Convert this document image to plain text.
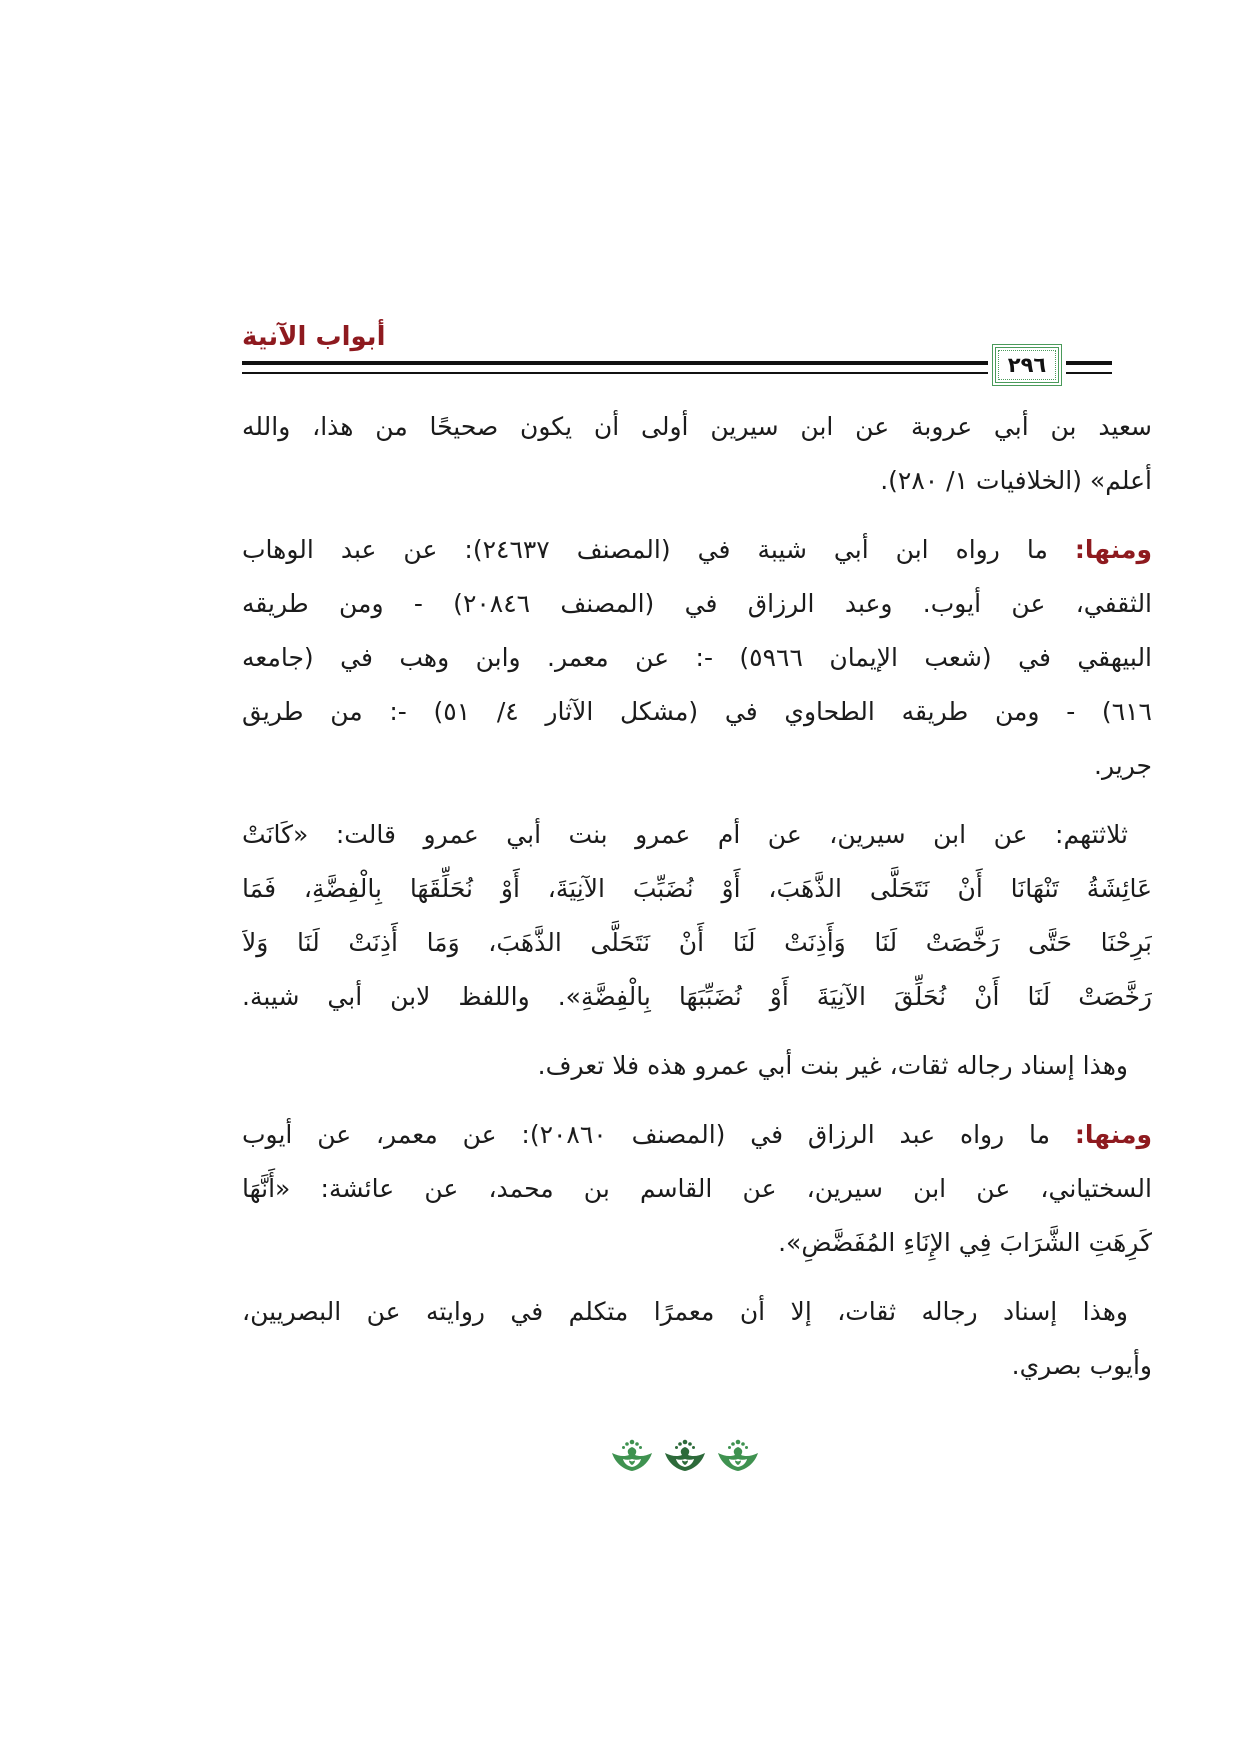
أبواب الآنية
٢٩٦
سعيد بن أبي عروبة عن ابن سيرين أولى أن يكون صحيحًا من هذا، والله
أعلم» (الخلافيات ١/ ٢٨٠).
ومنها: ما رواه ابن أبي شيبة في (المصنف ٢٤٦٣٧): عن عبد الوهاب
الثقفي، عن أيوب. وعبد الرزاق في (المصنف ٢٠٨٤٦) - ومن طريقه
البيهقي في (شعب الإيمان ٥٩٦٦) -: عن معمر. وابن وهب في (جامعه
٦١٦) - ومن طريقه الطحاوي في (مشكل الآثار ٤/ ٥١) -: من طريق
جرير.
ثلاثتهم: عن ابن سيرين، عن أم عمرو بنت أبي عمرو قالت: «كَانَتْ
عَائِشَةُ تَنْهَانَا أَنْ نَتَحَلَّى الذَّهَبَ، أَوْ نُضَبِّبَ الآنِيَةَ، أَوْ نُحَلِّقَهَا بِالْفِضَّةِ، فَمَا
بَرِحْنَا حَتَّى رَخَّصَتْ لَنَا وَأَذِنَتْ لَنَا أَنْ نَتَحَلَّى الذَّهَبَ، وَمَا أَذِنَتْ لَنَا وَلاَ
رَخَّصَتْ لَنَا أَنْ نُحَلِّقَ الآنِيَةَ أَوْ نُضَبِّبَهَا بِالْفِضَّةِ». واللفظ لابن أبي شيبة.
وهذا إسناد رجاله ثقات، غير بنت أبي عمرو هذه فلا تعرف.
ومنها: ما رواه عبد الرزاق في (المصنف ٢٠٨٦٠): عن معمر، عن أيوب
السختياني، عن ابن سيرين، عن القاسم بن محمد، عن عائشة: «أَنَّهَا
كَرِهَتِ الشَّرَابَ فِي الإِنَاءِ المُفَضَّضِ».
وهذا إسناد رجاله ثقات، إلا أن معمرًا متكلم في روايته عن البصريين،
وأيوب بصري.
